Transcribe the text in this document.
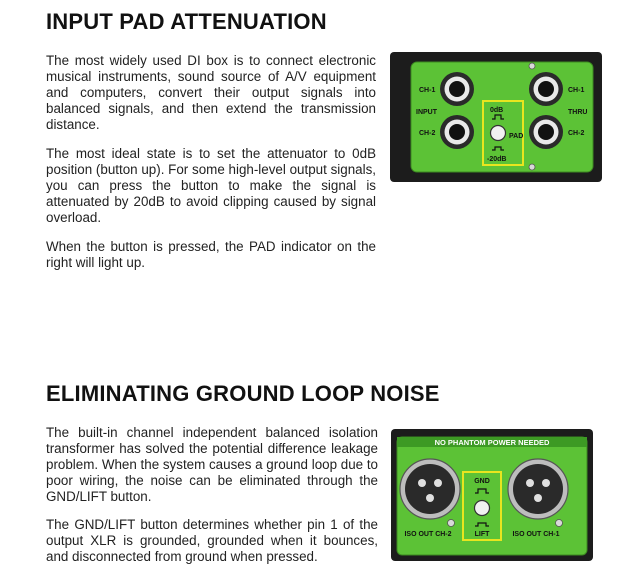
INPUT PAD ATTENUATION

The most widely used DI box is to connect electronic musical instruments, sound source of A/V equipment and computers, convert their output signals into balanced signals, and then extend the transmission distance.

The most ideal state is to set the attenuator to 0dB position (button up). For some high-level output signals, you can press the button to make the signal is attenuated by 20dB to avoid clipping caused by signal overload.

When the button is pressed, the PAD indicator on the right will light up.

CH-1
INPUT
CH-2
CH-1
THRU
CH-2
0dB
PAD
-20dB
ELIMINATING GROUND LOOP NOISE

The built-in channel independent balanced isolation transformer has solved the potential difference leakage problem. When the system causes a ground loop due to poor wiring, the noise can be eliminated through the GND/LIFT button.

The GND/LIFT button determines whether pin 1 of the output XLR is grounded, grounded when it bounces, and disconnected from ground when pressed.

NO PHANTOM POWER NEEDED
GND
LIFT
ISO OUT CH-2	ISO OUT CH-1
